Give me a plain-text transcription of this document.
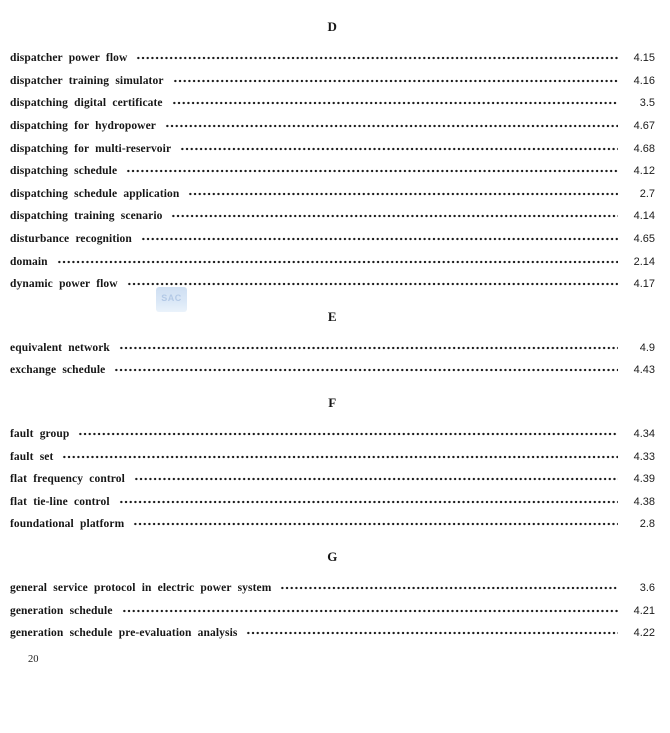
D
dispatcher power flow	4.15
dispatcher training simulator	4.16
dispatching digital certificate	3.5
dispatching for hydropower	4.67
dispatching for multi-reservoir	4.68
dispatching schedule	4.12
dispatching schedule application	2.7
dispatching training scenario	4.14
disturbance recognition	4.65
domain	2.14
dynamic power flow	4.17
E
equivalent network	4.9
exchange schedule	4.43
F
fault group	4.34
fault set	4.33
flat frequency control	4.39
flat tie-line control	4.38
foundational platform	2.8
G
general service protocol in electric power system	3.6
generation schedule	4.21
generation schedule pre-evaluation analysis	4.22
20
SAC
